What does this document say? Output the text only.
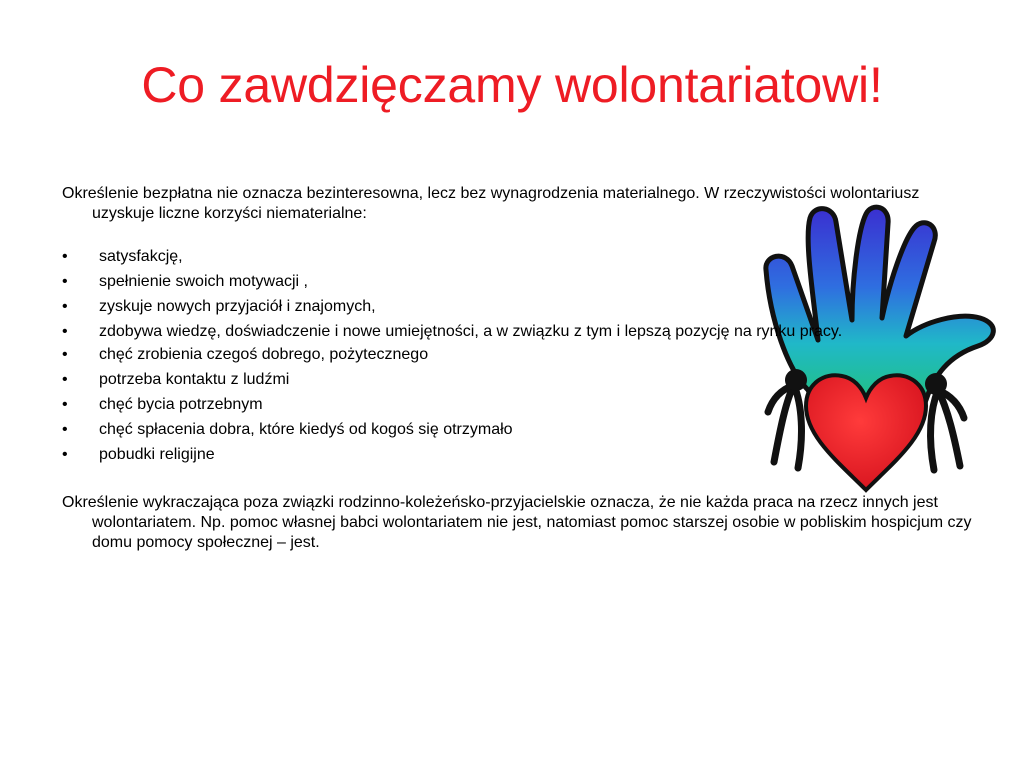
Co zawdzięczamy wolontariatowi!

Określenie bezpłatna nie oznacza bezinteresowna, lecz bez wynagrodzenia materialnego. W rzeczywistości wolontariusz uzyskuje liczne korzyści niematerialne:

• satysfakcję,
• spełnienie swoich motywacji ,
• zyskuje nowych przyjaciół i znajomych,
• zdobywa wiedzę, doświadczenie i nowe umiejętności, a w związku z tym i lepszą pozycję na rynku pracy.
• chęć zrobienia czegoś dobrego, pożytecznego
• potrzeba kontaktu z ludźmi
• chęć bycia potrzebnym
• chęć spłacenia dobra, które kiedyś od kogoś się otrzymało
• pobudki religijne

Określenie wykraczająca poza związki rodzinno-koleżeńsko-przyjacielskie oznacza, że nie każda praca na rzecz innych jest wolontariatem. Np. pomoc własnej babci wolontariatem nie jest, natomiast pomoc starszej osobie w pobliskim hospicjum czy domu pomocy społecznej – jest.
